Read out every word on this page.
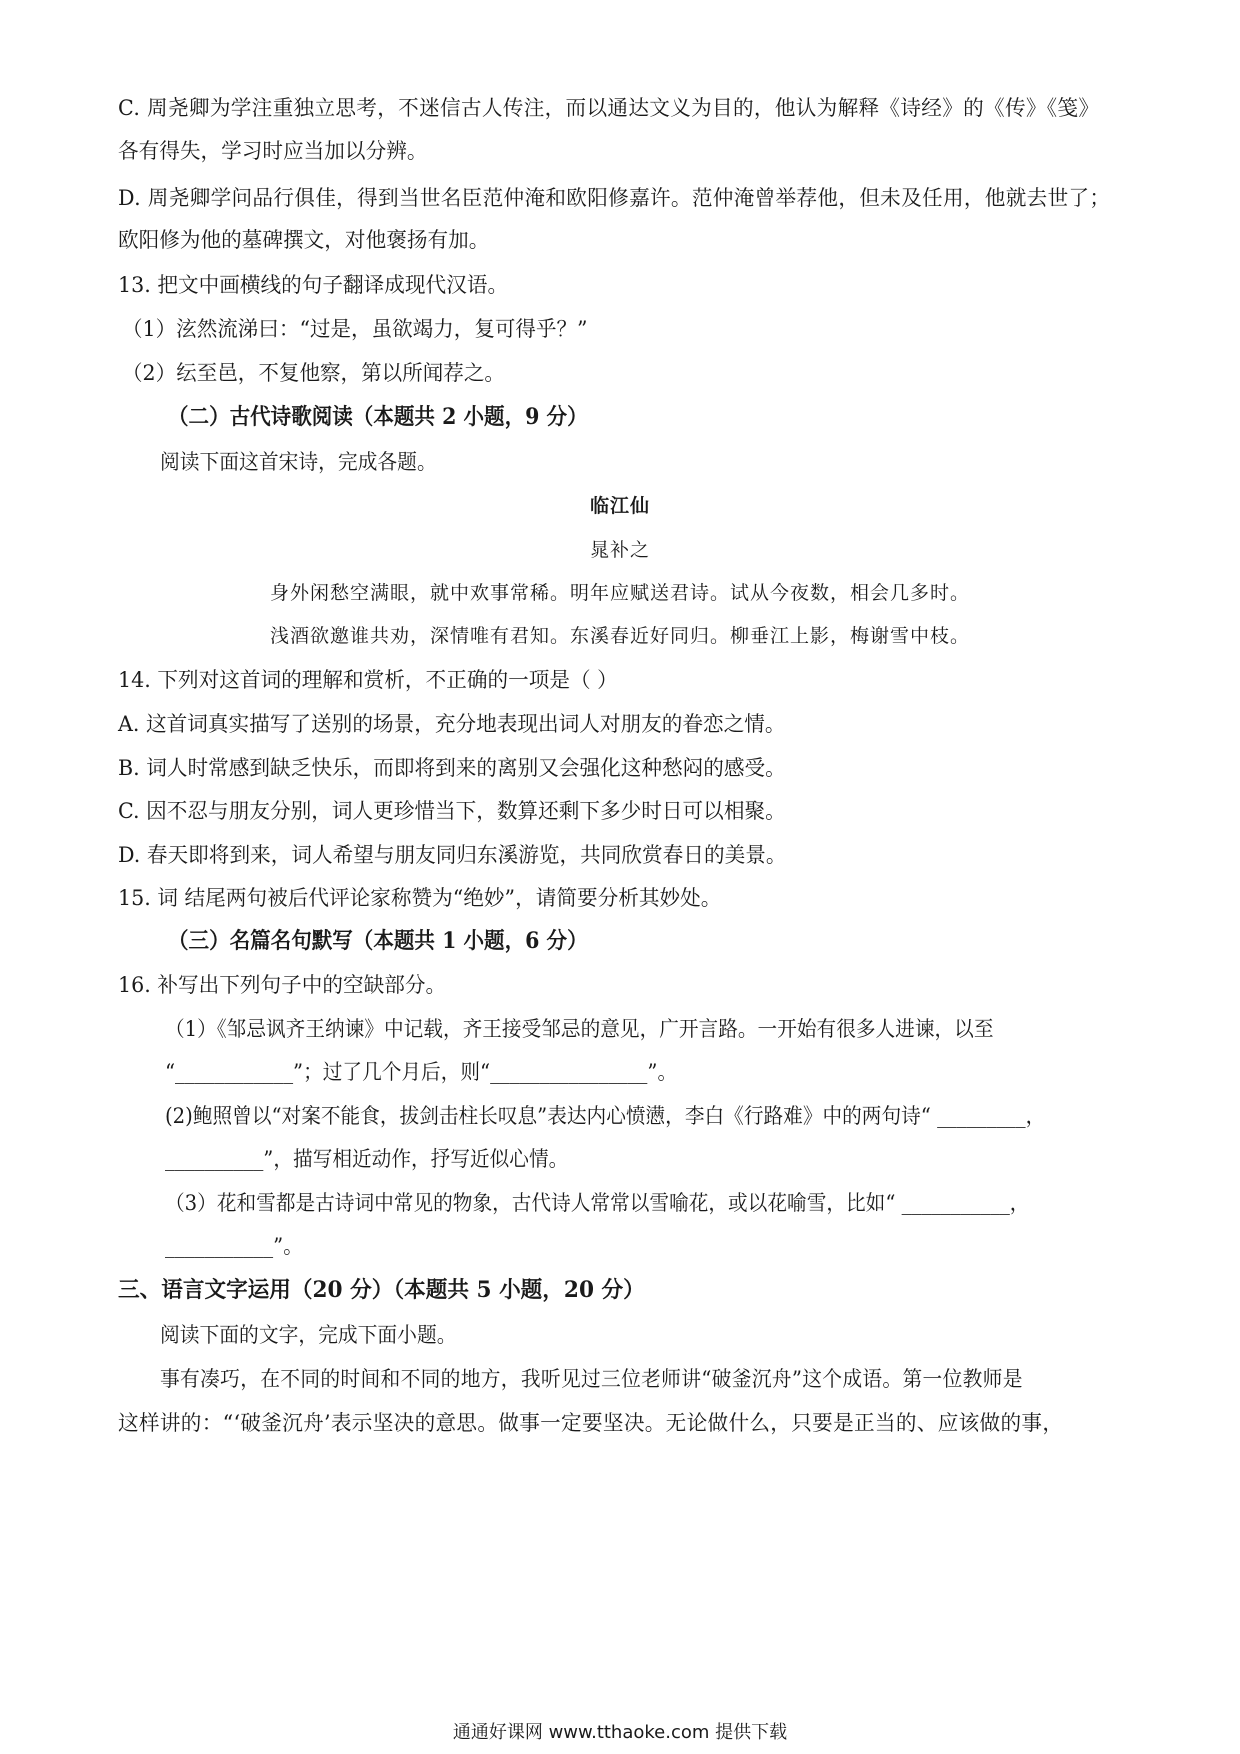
C. 周尧卿为学注重独立思考，不迷信古人传注，而以通达文义为目的，他认为解释《诗经》的《传》《笺》
各有得失，学习时应当加以分辨。
D. 周尧卿学问品行俱佳，得到当世名臣范仲淹和欧阳修嘉许。范仲淹曾举荐他，但未及任用，他就去世了；
欧阳修为他的墓碑撰文，对他褒扬有加。
13. 把文中画横线的句子翻译成现代汉语。
（1）泫然流涕曰：“过是，虽欲竭力，复可得乎？”
（2）纭至邑，不复他察，第以所闻荐之。
（二）古代诗歌阅读（本题共 2 小题，9 分）
阅读下面这首宋诗，完成各题。
临江仙
晁补之
身外闲愁空满眼，就中欢事常稀。明年应赋送君诗。试从今夜数，相会几多时。
浅酒欲邀谁共劝，深情唯有君知。东溪春近好同归。柳垂江上影，梅谢雪中枝。
14. 下列对这首词的理解和赏析，不正确的一项是（ ）
A. 这首词真实描写了送别的场景，充分地表现出词人对朋友的眷恋之情。
B. 词人时常感到缺乏快乐，而即将到来的离别又会强化这种愁闷的感受。
C. 因不忍与朋友分别，词人更珍惜当下，数算还剩下多少时日可以相聚。
D. 春天即将到来，词人希望与朋友同归东溪游览，共同欣赏春日的美景。
15. 词 结尾两句被后代评论家称赞为“绝妙”，请简要分析其妙处。
（三）名篇名句默写（本题共 1 小题，6 分）
16. 补写出下列句子中的空缺部分。
（1）《邹忌讽齐王纳谏》中记载，齐王接受邹忌的意见，广开言路。一开始有很多人进谏，以至
“____________”；过了几个月后，则“________________”。
(2)鲍照曾以“对案不能食，拔剑击柱长叹息”表达内心愤懑，李白《行路难》中的两句诗“ _________，
__________”，描写相近动作，抒写近似心情。
（3）花和雪都是古诗词中常见的物象，古代诗人常常以雪喻花，或以花喻雪，比如“ ___________，
___________”。
三、语言文字运用（20 分）（本题共 5 小题，20 分）
阅读下面的文字，完成下面小题。
事有凑巧，在不同的时间和不同的地方，我听见过三位老师讲“破釜沉舟”这个成语。第一位教师是
这样讲的：“‘破釜沉舟’表示坚决的意思。做事一定要坚决。无论做什么，只要是正当的、应该做的事，
通通好课网 www.tthaoke.com 提供下载
